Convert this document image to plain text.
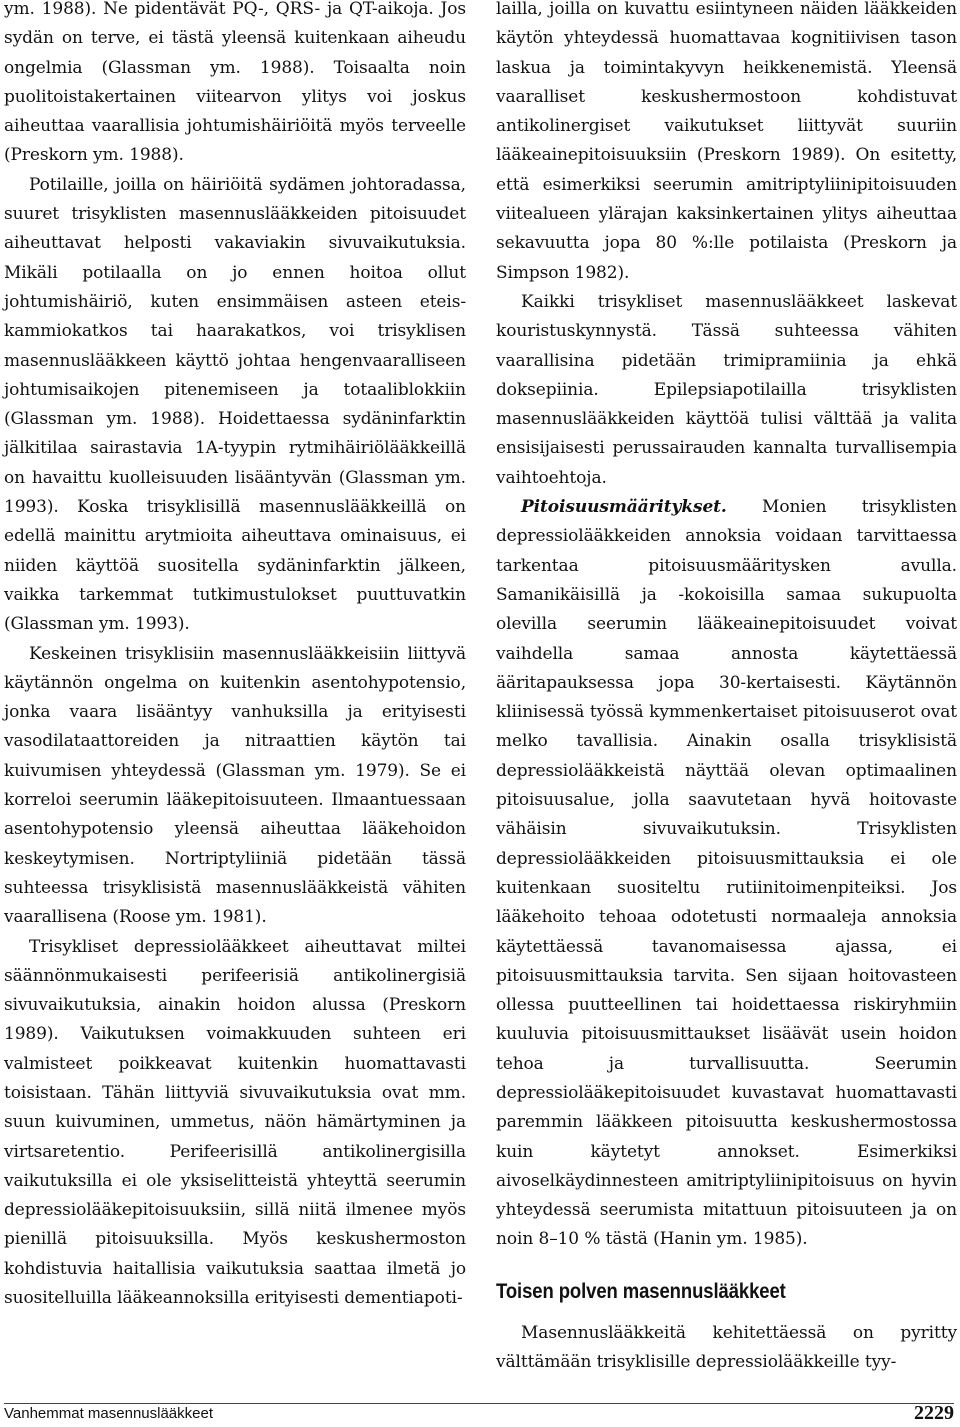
ym. 1988). Ne pidentävät PQ-, QRS- ja QT-aikoja. Jos sydän on terve, ei tästä yleensä kuitenkaan aiheudu ongelmia (Glassman ym. 1988). Toisaalta noin puolitoistakertainen viitearvon ylitys voi joskus aiheuttaa vaarallisia johtumishäiriöitä myös terveelle (Preskorn ym. 1988).

Potilaille, joilla on häiriöitä sydämen johtoradassa, suuret trisyklisten masennuslääkkeiden pitoisuudet aiheuttavat helposti vakaviakin sivuvaikutuksia. Mikäli potilaalla on jo ennen hoitoa ollut johtumishäiriö, kuten ensimmäisen asteen eteis-kammiokatkos tai haarakatkos, voi trisyklisen masennuslääkkeen käyttö johtaa hengenvaaralliseen johtumisaikojen pitenemiseen ja totaaliblokkiin (Glassman ym. 1988). Hoidettaessa sydäninfarktin jälkitilaa sairastavia 1A-tyypin rytmihäiriölääkkeillä on havaittu kuolleisuuden lisääntyvän (Glassman ym. 1993). Koska trisyklisillä masennuslääkkeillä on edellä mainittu arytmioita aiheuttava ominaisuus, ei niiden käyttöä suositella sydäninfarktin jälkeen, vaikka tarkemmat tutkimustulokset puuttuvatkin (Glassman ym. 1993).

Keskeinen trisyklisiin masennuslääkkeisiin liittyvä käytännön ongelma on kuitenkin asentohypotensio, jonka vaara lisääntyy vanhuksilla ja erityisesti vasodilataattoreiden ja nitraattien käytön tai kuivumisen yhteydessä (Glassman ym. 1979). Se ei korreloi seerumin lääkepitoisuuteen. Ilmaantuessaan asentohypotensio yleensä aiheuttaa lääkehoidon keskeytymisen. Nortriptyliiniä pidetään tässä suhteessa trisyklisistä masennuslääkkeistä vähiten vaarallisena (Roose ym. 1981).

Trisykliset depressiolääkkeet aiheuttavat miltei säännönmukaisesti perifeerisiä antikolinergisiä sivuvaikutuksia, ainakin hoidon alussa (Preskorn 1989). Vaikutuksen voimakkuuden suhteen eri valmisteet poikkeavat kuitenkin huomattavasti toisistaan. Tähän liittyviä sivuvaikutuksia ovat mm. suun kuivuminen, ummetus, näön hämärtyminen ja virtsaretentio. Perifeerisillä antikolinergisilla vaikutuksilla ei ole yksiselitteistä yhteyttä seerumin depressiolääkepitoisuuksiin, sillä niitä ilmenee myös pienillä pitoisuuksilla. Myös keskushermoston kohdistuvia haitallisia vaikutuksia saattaa ilmetä jo suositelluilla lääkeannoksilla erityisesti dementiapoti-

lailla, joilla on kuvattu esiintyneen näiden lääkkeiden käytön yhteydessä huomattavaa kognitiivisen tason laskua ja toimintakyvyn heikkenemistä. Yleensä vaaralliset keskushermostoon kohdistuvat antikolinergiset vaikutukset liittyvät suuriin lääkeainepitoisuuksiin (Preskorn 1989). On esitetty, että esimerkiksi seerumin amitriptyliinipitoisuuden viitealueen ylärajan kaksinkertainen ylitys aiheuttaa sekavuutta jopa 80 %:lle potilaista (Preskorn ja Simpson 1982).

Kaikki trisykliset masennuslääkkeet laskevat kouristuskynnystä. Tässä suhteessa vähiten vaarallisina pidetään trimipramiinia ja ehkä doksepiinia. Epilepsiapotilailla trisyklisten masennuslääkkeiden käyttöä tulisi välttää ja valita ensisijaisesti perussairauden kannalta turvallisempia vaihtoehtoja.

Pitoisuusmääritykset. Monien trisyklisten depressiolääkkeiden annoksia voidaan tarvittaessa tarkentaa pitoisuusmääritysken avulla. Samanikäisillä ja -kokoisilla samaa sukupuolta olevilla seerumin lääkeainepitoisuudet voivat vaihdella samaa annosta käytettäessä ääritapauksessa jopa 30-kertaisesti. Käytännön kliinisessä työssä kymmenkertaiset pitoisuuserot ovat melko tavallisia. Ainakin osalla trisyklisistä depressiolääkkeistä näyttää olevan optimaalinen pitoisuusalue, jolla saavutetaan hyvä hoitovaste vähäisin sivuvaikutuksin. Trisyklisten depressiolääkkeiden pitoisuusmittauksia ei ole kuitenkaan suositeltu rutiinitoimenpiteiksi. Jos lääkehoito tehoaa odotetusti normaaleja annoksia käytettäessä tavanomaisessa ajassa, ei pitoisuusmittauksia tarvita. Sen sijaan hoitovasteen ollessa puutteellinen tai hoidettaessa riskiryhmiin kuuluvia pitoisuusmittaukset lisäävät usein hoidon tehoa ja turvallisuutta. Seerumin depressiolääkepitoisuudet kuvastavat huomattavasti paremmin lääkkeen pitoisuutta keskushermostossa kuin käytetyt annokset. Esimerkiksi aivoselkäydinnesteen amitriptyliinipitoisuus on hyvin yhteydessä seerumista mitattuun pitoisuuteen ja on noin 8–10 % tästä (Hanin ym. 1985).

Toisen polven masennuslääkkeet

Masennuslääkkeitä kehitettäessä on pyritty välttämään trisyklisille depressiolääkkeille tyy-

Vanhemmat masennuslääkkeet	2229
